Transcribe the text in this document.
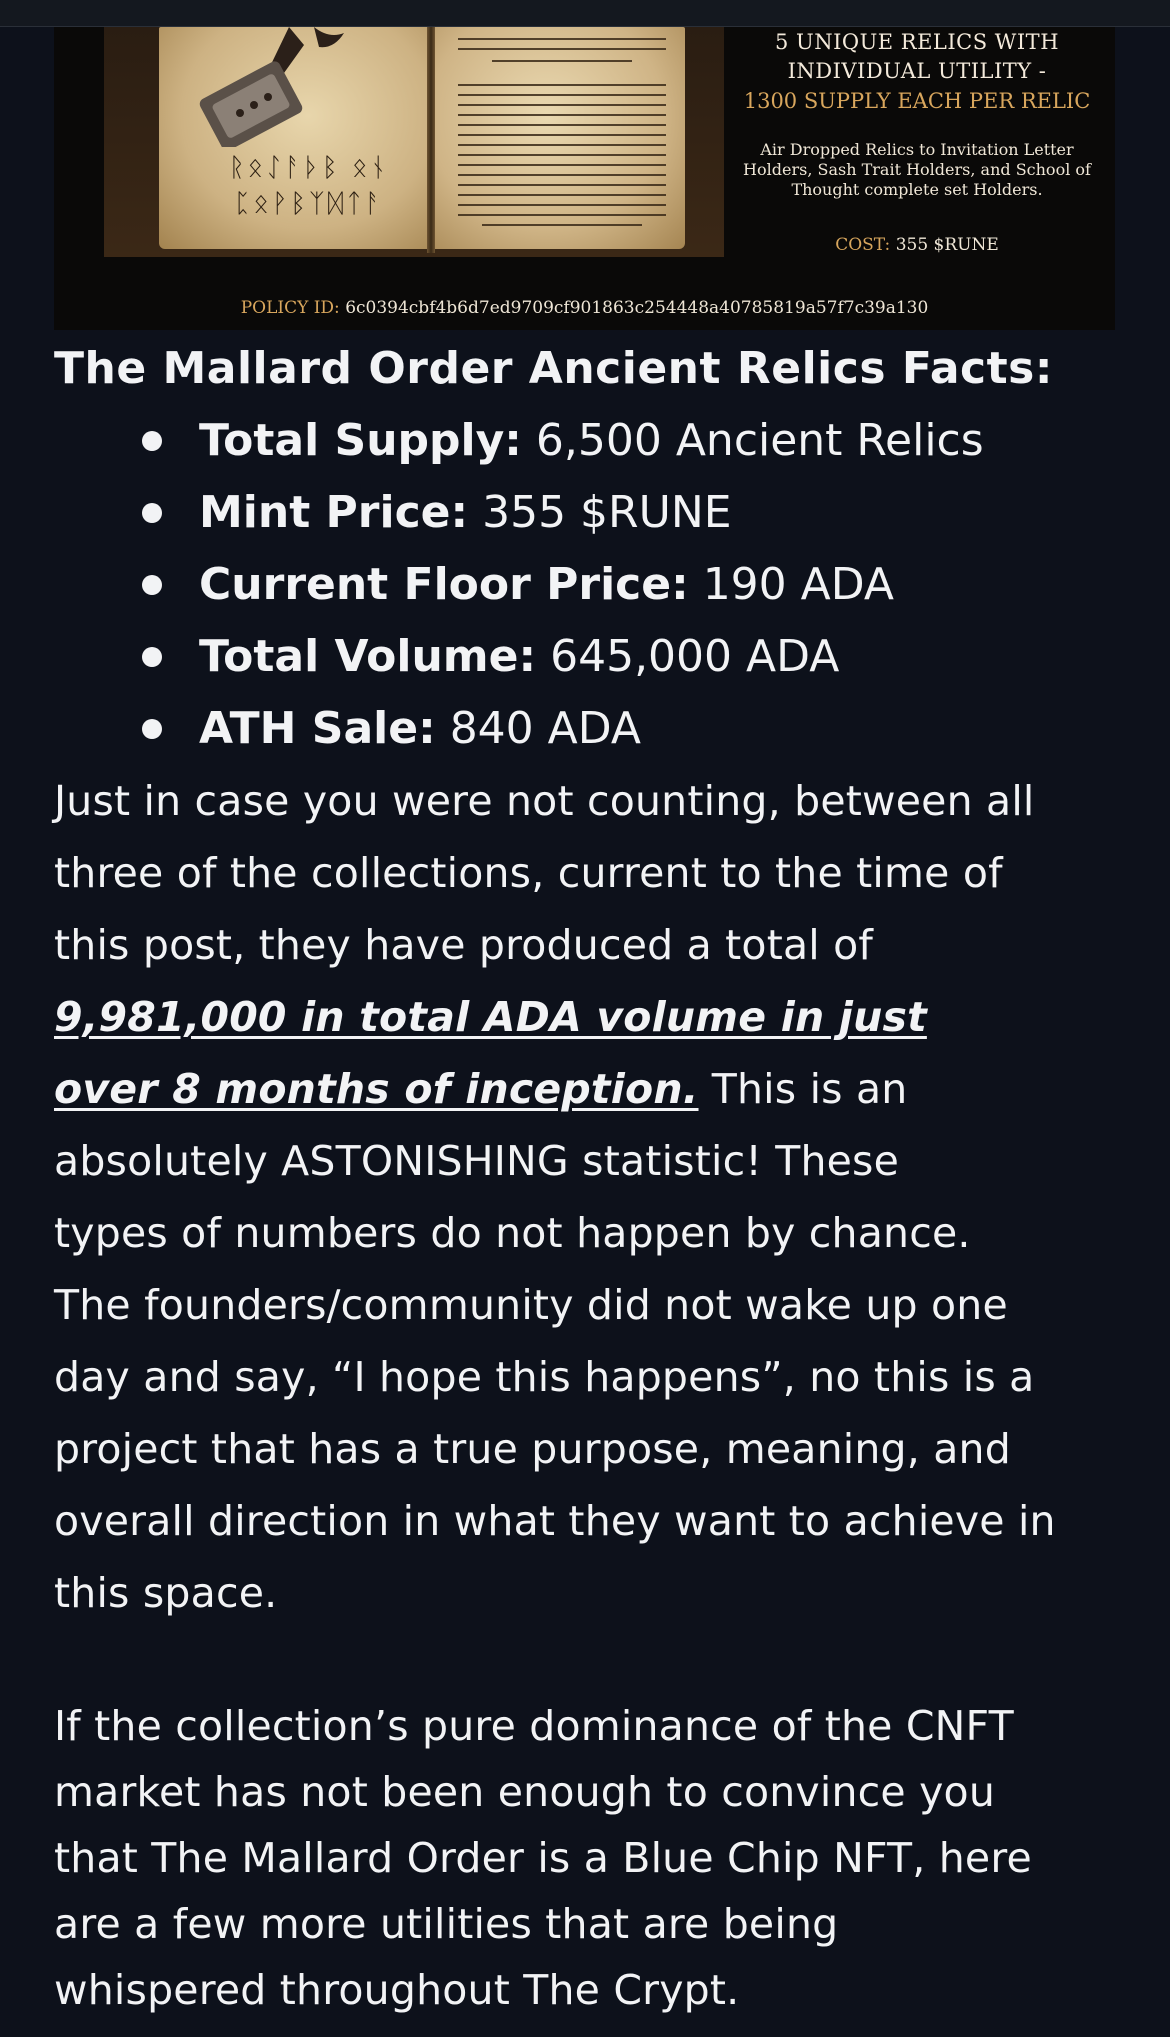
ᚱᛟᛇᚨᚦᛒ ᛟᚾ
ᛈᛟᚹᛒᛉᛞᛏᚨ
5 UNIQUE RELICS WITH
INDIVIDUAL UTILITY -
1300 SUPPLY EACH PER RELIC
Air Dropped Relics to Invitation Letter Holders, Sash Trait Holders, and School of Thought complete set Holders.
COST: 355 $RUNE
POLICY ID: 6c0394cbf4b6d7ed9709cf901863c254448a40785819a57f7c39a130
The Mallard Order Ancient Relics Facts:
Total Supply: 6,500 Ancient Relics
Mint Price: 355 $RUNE
Current Floor Price: 190 ADA
Total Volume: 645,000 ADA
ATH Sale: 840 ADA

Just in case you were not counting, between all
three of the collections, current to the time of
this post, they have produced a total of
9,981,000 in total ADA volume in just
over 8 months of inception. This is an
absolutely ASTONISHING statistic! These
types of numbers do not happen by chance.
The founders/community did not wake up one
day and say, “I hope this happens”, no this is a
project that has a true purpose, meaning, and
overall direction in what they want to achieve in
this space.

If the collection’s pure dominance of the CNFT
market has not been enough to convince you
that The Mallard Order is a Blue Chip NFT, here
are a few more utilities that are being
whispered throughout The Crypt.
